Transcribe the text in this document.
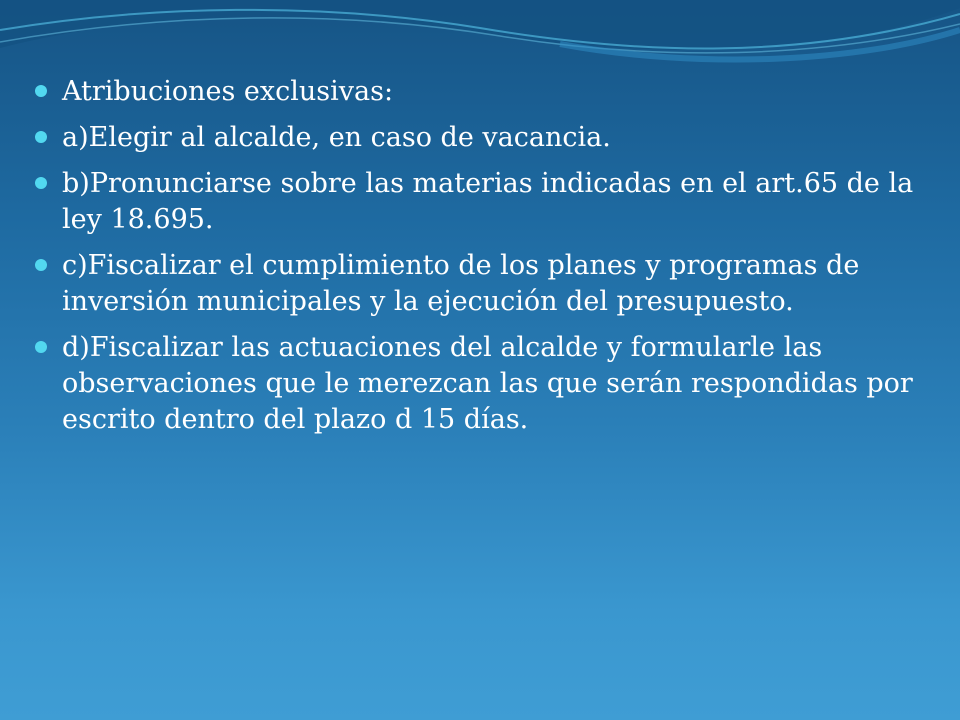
Atribuciones exclusivas:
a)Elegir al alcalde, en caso de vacancia.
b)Pronunciarse sobre las materias indicadas en el art.65 de la ley 18.695.
c)Fiscalizar el cumplimiento de los planes y programas de inversión municipales y la ejecución del presupuesto.
d)Fiscalizar las actuaciones del alcalde y formularle las observaciones que le merezcan las que serán respondidas por escrito dentro del plazo d 15 días.
